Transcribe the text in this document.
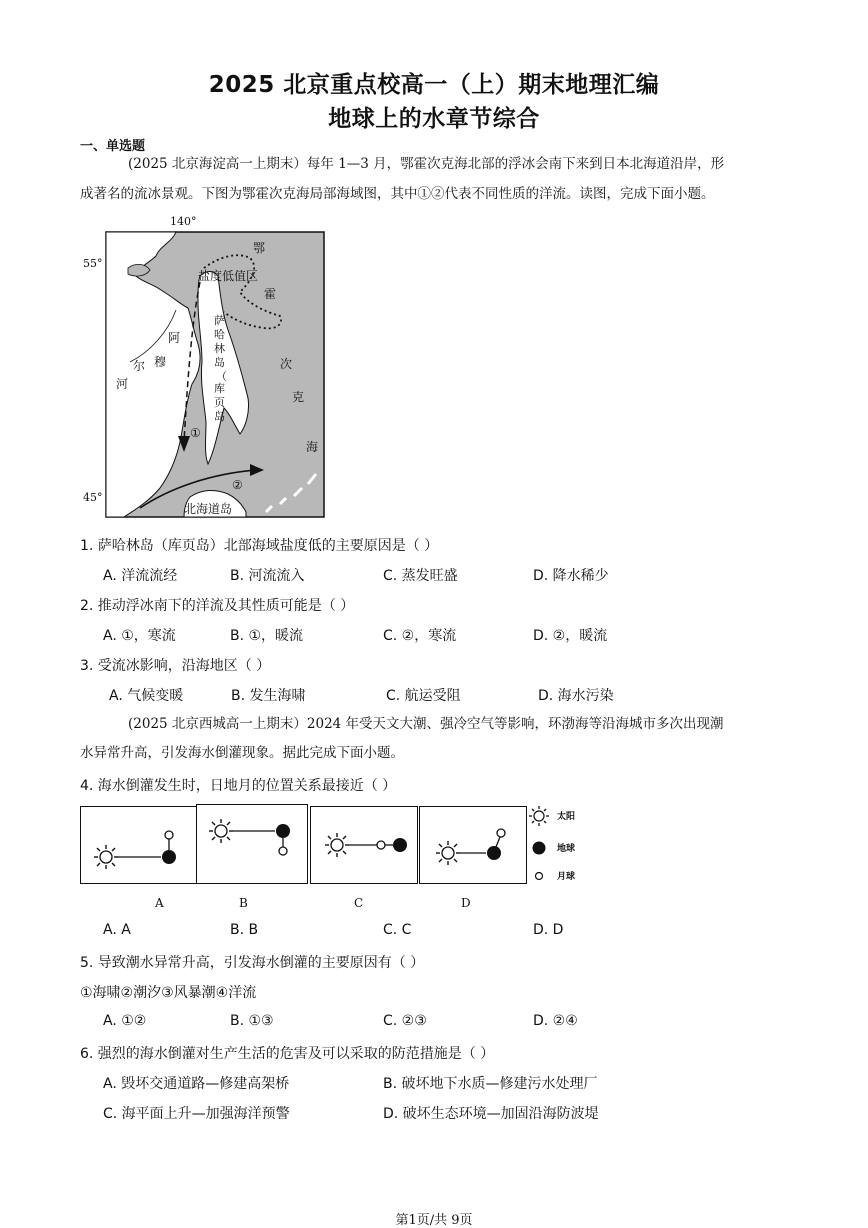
2025 北京重点校高一（上）期末地理汇编
地球上的水章节综合
一、单选题
(2025 北京海淀高一上期末）每年 1—3 月，鄂霍次克海北部的浮冰会南下来到日本北海道沿岸，形
成著名的流冰景观。下图为鄂霍次克海局部海域图，其中①②代表不同性质的洋流。读图，完成下面小题。
140°
55°
45°
盐度低值区
鄂
霍
次
克
海
阿
穆
尔
河
萨
哈
林
岛
（
库
页
岛
①
②
北海道岛
1. 萨哈林岛（库页岛）北部海域盐度低的主要原因是（ ）
A. 洋流流经	B. 河流流入	C. 蒸发旺盛	D. 降水稀少
2. 推动浮冰南下的洋流及其性质可能是（ ）
A. ①，寒流	B. ①，暖流	C. ②，寒流	D. ②，暖流
3. 受流冰影响，沿海地区（ ）
A. 气候变暖	B. 发生海啸	C. 航运受阻	D. 海水污染
(2025 北京西城高一上期末）2024 年受天文大潮、强冷空气等影响，环渤海等沿海城市多次出现潮
水异常升高，引发海水倒灌现象。据此完成下面小题。
4. 海水倒灌发生时，日地月的位置关系最接近（ ）
太阳
地球
月球
A	B	C	D
A. A	B. B	C. C	D. D
5. 导致潮水异常升高，引发海水倒灌的主要原因有（ ）
①海啸②潮汐③风暴潮④洋流
A. ①②	B. ①③	C. ②③	D. ②④
6. 强烈的海水倒灌对生产生活的危害及可以采取的防范措施是（ ）
A. 毁坏交通道路—修建高架桥	B. 破坏地下水质—修建污水处理厂
C. 海平面上升—加强海洋预警	D. 破坏生态环境—加固沿海防波堤
第1页/共 9页
